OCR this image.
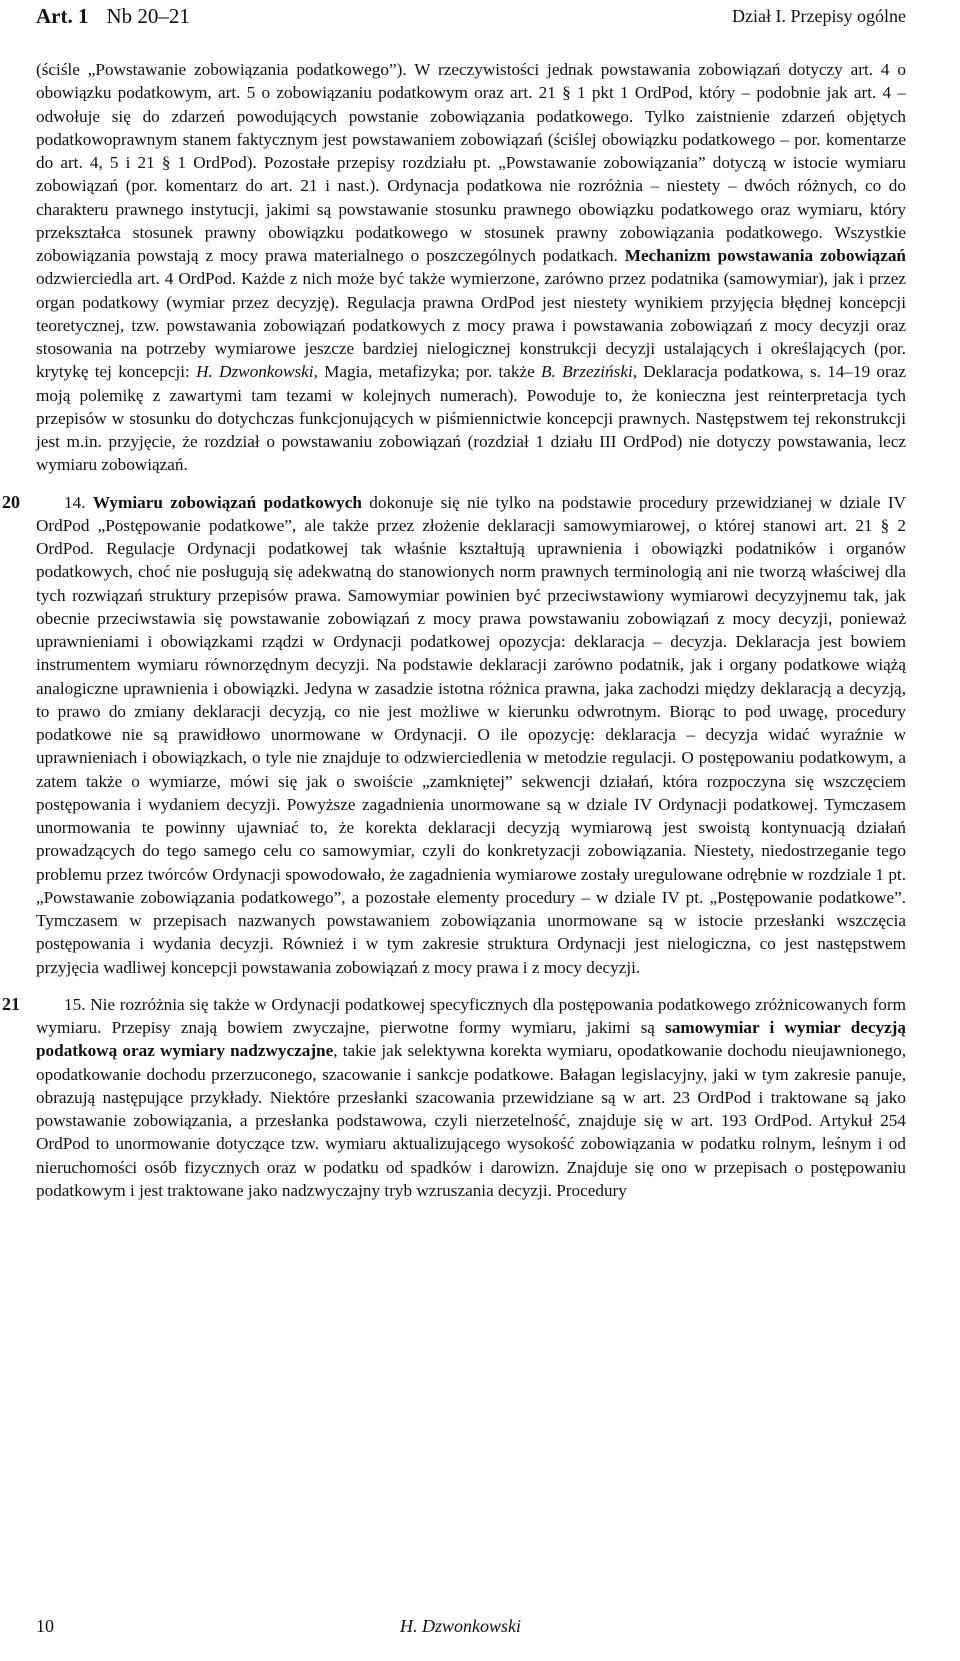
Art. 1 Nb 20–21	Dział I. Przepisy ogólne

(ściśle „Powstawanie zobowiązania podatkowego”). W rzeczywistości jednak powstawania zobowiązań dotyczy art. 4 o obowiązku podatkowym, art. 5 o zobowiązaniu podatkowym oraz art. 21 § 1 pkt 1 OrdPod, który – podobnie jak art. 4 – odwołuje się do zdarzeń powodujących powstanie zobowiązania podatkowego. Tylko zaistnienie zdarzeń objętych podatkowoprawnym stanem faktycznym jest powstawaniem zobowiązań (ściślej obowiązku podatkowego – por. komentarze do art. 4, 5 i 21 § 1 OrdPod). Pozostałe przepisy rozdziału pt. „Powstawanie zobowiązania” dotyczą w istocie wymiaru zobowiązań (por. komentarz do art. 21 i nast.). Ordynacja podatkowa nie rozróżnia – niestety – dwóch różnych, co do charakteru prawnego instytucji, jakimi są powstawanie stosunku prawnego obowiązku podatkowego oraz wymiaru, który przekształca stosunek prawny obowiązku podatkowego w stosunek prawny zobowiązania podatkowego. Wszystkie zobowiązania powstają z mocy prawa materialnego o poszczególnych podatkach. Mechanizm powstawania zobowiązań odzwierciedla art. 4 OrdPod. Każde z nich może być także wymierzone, zarówno przez podatnika (samowymiar), jak i przez organ podatkowy (wymiar przez decyzję). Regulacja prawna OrdPod jest niestety wynikiem przyjęcia błędnej koncepcji teoretycznej, tzw. powstawania zobowiązań podatkowych z mocy prawa i powstawania zobowiązań z mocy decyzji oraz stosowania na potrzeby wymiarowe jeszcze bardziej nielogicznej konstrukcji decyzji ustalających i określających (por. krytykę tej koncepcji: H. Dzwonkowski, Magia, metafizyka; por. także B. Brzeziński, Deklaracja podatkowa, s. 14–19 oraz moją polemikę z zawartymi tam tezami w kolejnych numerach). Powoduje to, że konieczna jest reinterpretacja tych przepisów w stosunku do dotychczas funkcjonujących w piśmiennictwie koncepcji prawnych. Następstwem tej rekonstrukcji jest m.in. przyjęcie, że rozdział o powstawaniu zobowiązań (rozdział 1 działu III OrdPod) nie dotyczy powstawania, lecz wymiaru zobowiązań.

14. Wymiaru zobowiązań podatkowych dokonuje się nie tylko na podstawie procedury przewidzianej w dziale IV OrdPod „Postępowanie podatkowe”, ale także przez złożenie deklaracji samowymiarowej, o której stanowi art. 21 § 2 OrdPod. Regulacje Ordynacji podatkowej tak właśnie kształtują uprawnienia i obowiązki podatników i organów podatkowych, choć nie posługują się adekwatną do stanowionych norm prawnych terminologią ani nie tworzą właściwej dla tych rozwiązań struktury przepisów prawa. Samowymiar powinien być przeciwstawiony wymiarowi decyzyjnemu tak, jak obecnie przeciwstawia się powstawanie zobowiązań z mocy prawa powstawaniu zobowiązań z mocy decyzji, ponieważ uprawnieniami i obowiązkami rządzi w Ordynacji podatkowej opozycja: deklaracja – decyzja. Deklaracja jest bowiem instrumentem wymiaru równorzędnym decyzji. Na podstawie deklaracji zarówno podatnik, jak i organy podatkowe wiążą analogiczne uprawnienia i obowiązki. Jedyna w zasadzie istotna różnica prawna, jaka zachodzi między deklaracją a decyzją, to prawo do zmiany deklaracji decyzją, co nie jest możliwe w kierunku odwrotnym. Biorąc to pod uwagę, procedury podatkowe nie są prawidłowo unormowane w Ordynacji. O ile opozycję: deklaracja – decyzja widać wyraźnie w uprawnieniach i obowiązkach, o tyle nie znajduje to odzwierciedlenia w metodzie regulacji. O postępowaniu podatkowym, a zatem także o wymiarze, mówi się jak o swoiście „zamkniętej” sekwencji działań, która rozpoczyna się wszczęciem postępowania i wydaniem decyzji. Powyższe zagadnienia unormowane są w dziale IV Ordynacji podatkowej. Tymczasem unormowania te powinny ujawniać to, że korekta deklaracji decyzją wymiarową jest swoistą kontynuacją działań prowadzących do tego samego celu co samowymiar, czyli do konkretyzacji zobowiązania. Niestety, niedostrzeganie tego problemu przez twórców Ordynacji spowodowało, że zagadnienia wymiarowe zostały uregulowane odrębnie w rozdziale 1 pt. „Powstawanie zobowiązania podatkowego”, a pozostałe elementy procedury – w dziale IV pt. „Postępowanie podatkowe”. Tymczasem w przepisach nazwanych powstawaniem zobowiązania unormowane są w istocie przesłanki wszczęcia postępowania i wydania decyzji. Również i w tym zakresie struktura Ordynacji jest nielogiczna, co jest następstwem przyjęcia wadliwej koncepcji powstawania zobowiązań z mocy prawa i z mocy decyzji.

15. Nie rozróżnia się także w Ordynacji podatkowej specyficznych dla postępowania podatkowego zróżnicowanych form wymiaru. Przepisy znają bowiem zwyczajne, pierwotne formy wymiaru, jakimi są samowymiar i wymiar decyzją podatkową oraz wymiary nadzwyczajne, takie jak selektywna korekta wymiaru, opodatkowanie dochodu nieujawnionego, opodatkowanie dochodu przerzuconego, szacowanie i sankcje podatkowe. Bałagan legislacyjny, jaki w tym zakresie panuje, obrazują następujące przykłady. Niektóre przesłanki szacowania przewidziane są w art. 23 OrdPod i traktowane są jako powstawanie zobowiązania, a przesłanka podstawowa, czyli nierzetelność, znajduje się w art. 193 OrdPod. Artykuł 254 OrdPod to unormowanie dotyczące tzw. wymiaru aktualizującego wysokość zobowiązania w podatku rolnym, leśnym i od nieruchomości osób fizycznych oraz w podatku od spadków i darowizn. Znajduje się ono w przepisach o postępowaniu podatkowym i jest traktowane jako nadzwyczajny tryb wzruszania decyzji. Procedury

20
21
10	H. Dzwonkowski
